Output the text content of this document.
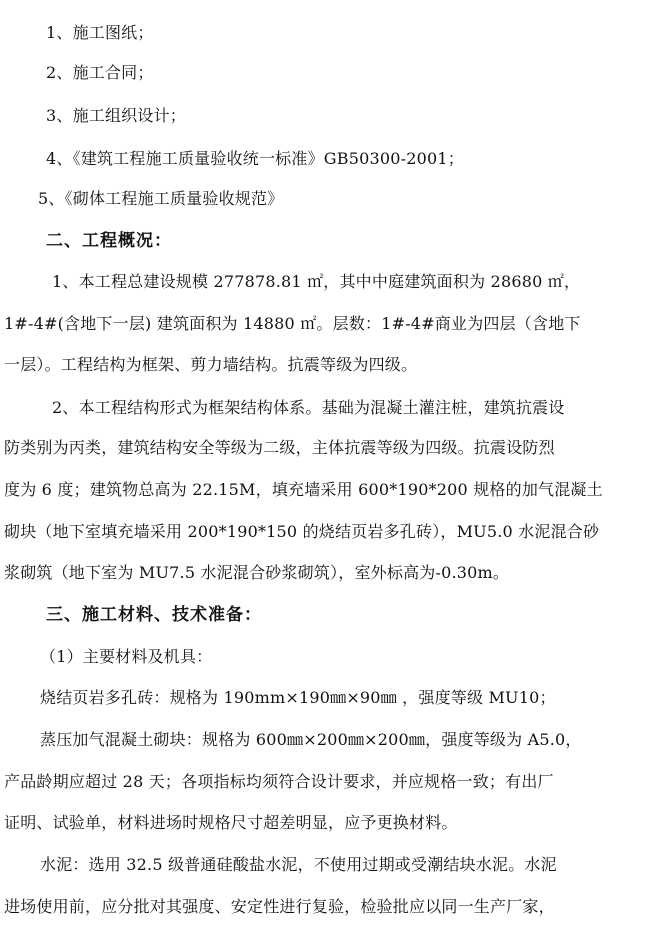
1、施工图纸；
2、施工合同；
3、施工组织设计；
4、《建筑工程施工质量验收统一标准》GB50300-2001；
5、《砌体工程施工质量验收规范》
二、工程概况：
1、本工程总建设规模 277878.81 ㎡，其中中庭建筑面积为 28680 ㎡，
1#-4#(含地下一层) 建筑面积为 14880 ㎡。层数：1#-4#商业为四层（含地下
一层）。工程结构为框架、剪力墙结构。抗震等级为四级。
2、本工程结构形式为框架结构体系。基础为混凝土灌注桩，建筑抗震设
防类别为丙类，建筑结构安全等级为二级，主体抗震等级为四级。抗震设防烈
度为 6 度；建筑物总高为 22.15M，填充墙采用 600*190*200 规格的加气混凝土
砌块（地下室填充墙采用 200*190*150 的烧结页岩多孔砖），MU5.0 水泥混合砂
浆砌筑（地下室为 MU7.5 水泥混合砂浆砌筑），室外标高为-0.30m。
三、施工材料、技术准备：
（1）主要材料及机具：
烧结页岩多孔砖：规格为 190mm×190㎜×90㎜ ，强度等级 MU10；
蒸压加气混凝土砌块：规格为 600㎜×200㎜×200㎜，强度等级为 A5.0，
产品龄期应超过 28 天；各项指标均须符合设计要求，并应规格一致；有出厂
证明、试验单，材料进场时规格尺寸超差明显，应予更换材料。
水泥：选用 32.5 级普通硅酸盐水泥，不使用过期或受潮结块水泥。水泥
进场使用前，应分批对其强度、安定性进行复验，检验批应以同一生产厂家，
